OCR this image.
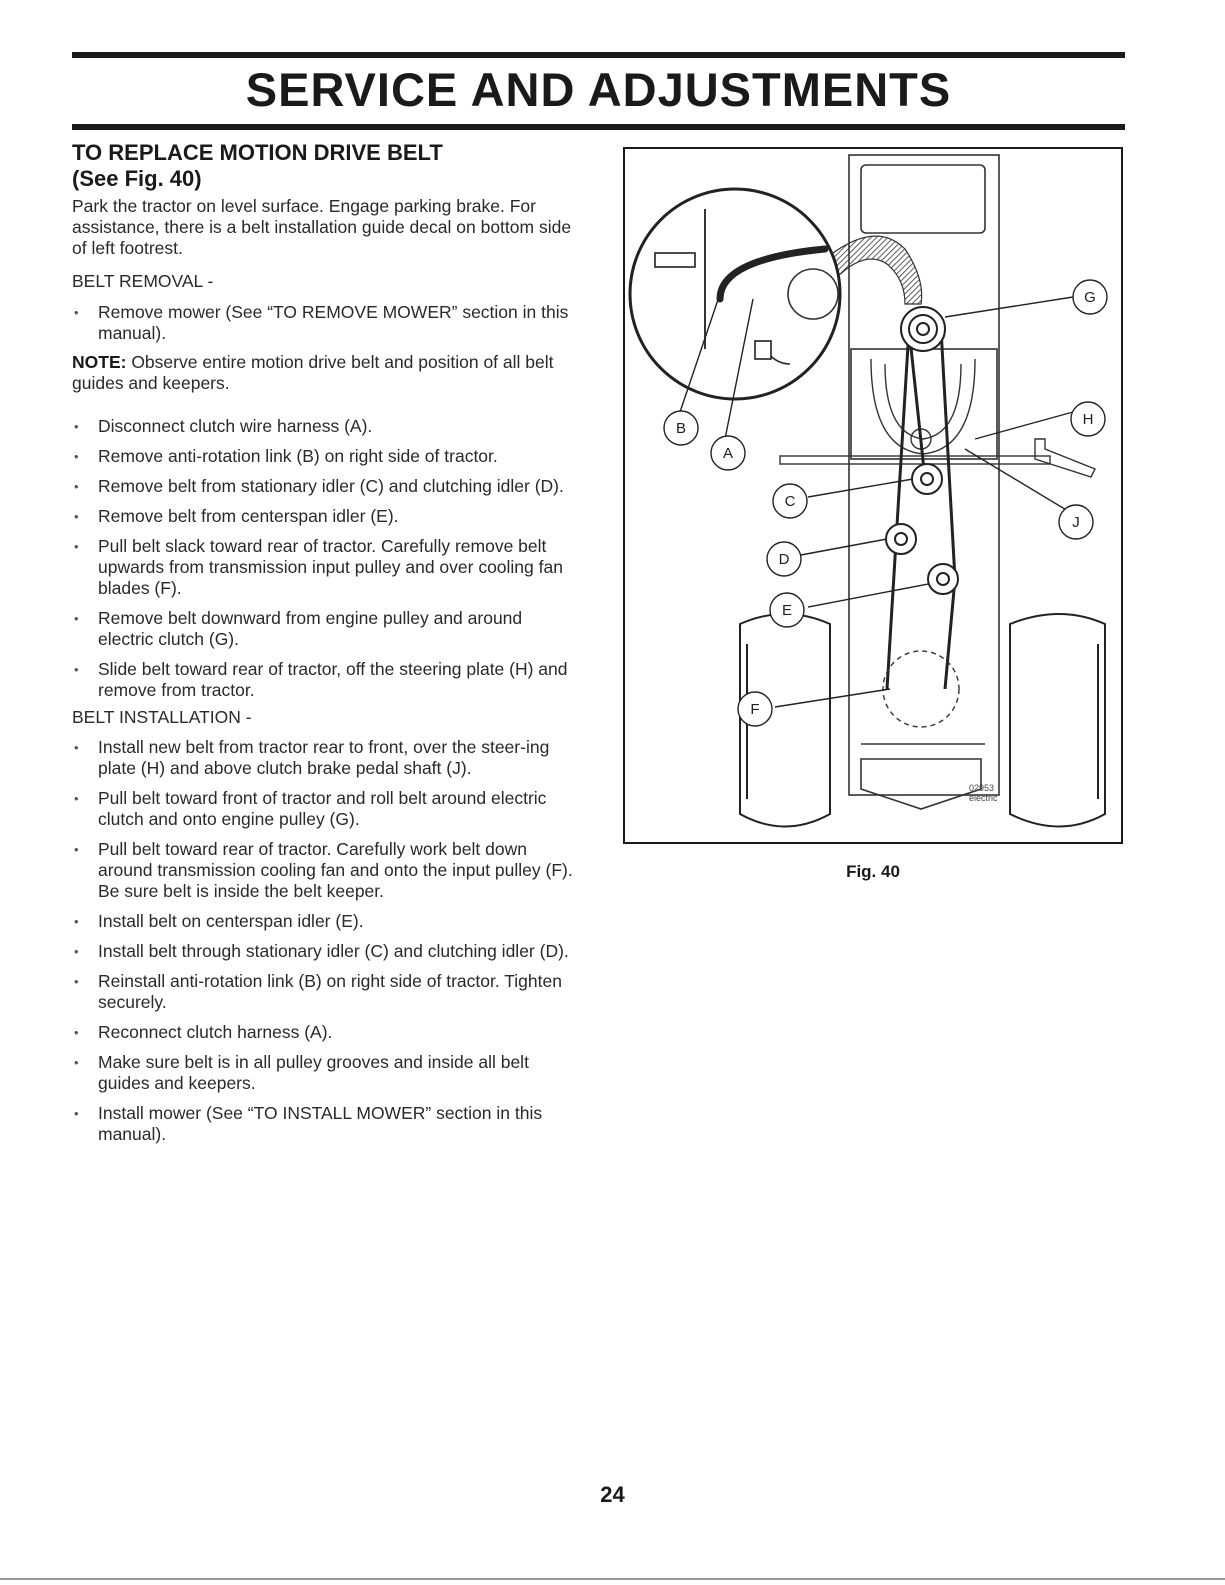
SERVICE AND ADJUSTMENTS
TO REPLACE MOTION DRIVE BELT
(See Fig. 40)

Park the tractor on level surface. Engage parking brake. For assistance, there is a belt installation guide decal on bottom side of left footrest.

BELT REMOVAL -

• Remove mower (See “TO REMOVE MOWER” section in this manual).

NOTE: Observe entire motion drive belt and position of all belt guides and keepers.

• Disconnect clutch wire harness (A).
• Remove anti-rotation link (B) on right side of tractor.
• Remove belt from stationary idler (C) and clutching idler (D).
• Remove belt from centerspan idler (E).
• Pull belt slack toward rear of tractor. Carefully remove belt upwards from transmission input pulley and over cooling fan blades (F).
• Remove belt downward from engine pulley and around electric clutch (G).
• Slide belt toward rear of tractor, off the steering plate (H) and remove from tractor.

BELT INSTALLATION -

• Install new belt from tractor rear to front, over the steer-ing plate (H) and above clutch brake pedal shaft (J).
• Pull belt toward front of tractor and roll belt around electric clutch and onto engine pulley (G).
• Pull belt toward rear of tractor. Carefully work belt down around transmission cooling fan and onto the input pulley (F). Be sure belt is inside the belt keeper.
• Install belt on centerspan idler (E).
• Install belt through stationary idler (C) and clutching idler (D).
• Reinstall anti-rotation link (B) on right side of tractor. Tighten securely.
• Reconnect clutch harness (A).
• Make sure belt is in all pulley grooves and inside all belt guides and keepers.
• Install mower (See “TO INSTALL MOWER” section in this manual).
A
B
C
D
E
F
G
H
J
02953
electric
Fig. 40
24
